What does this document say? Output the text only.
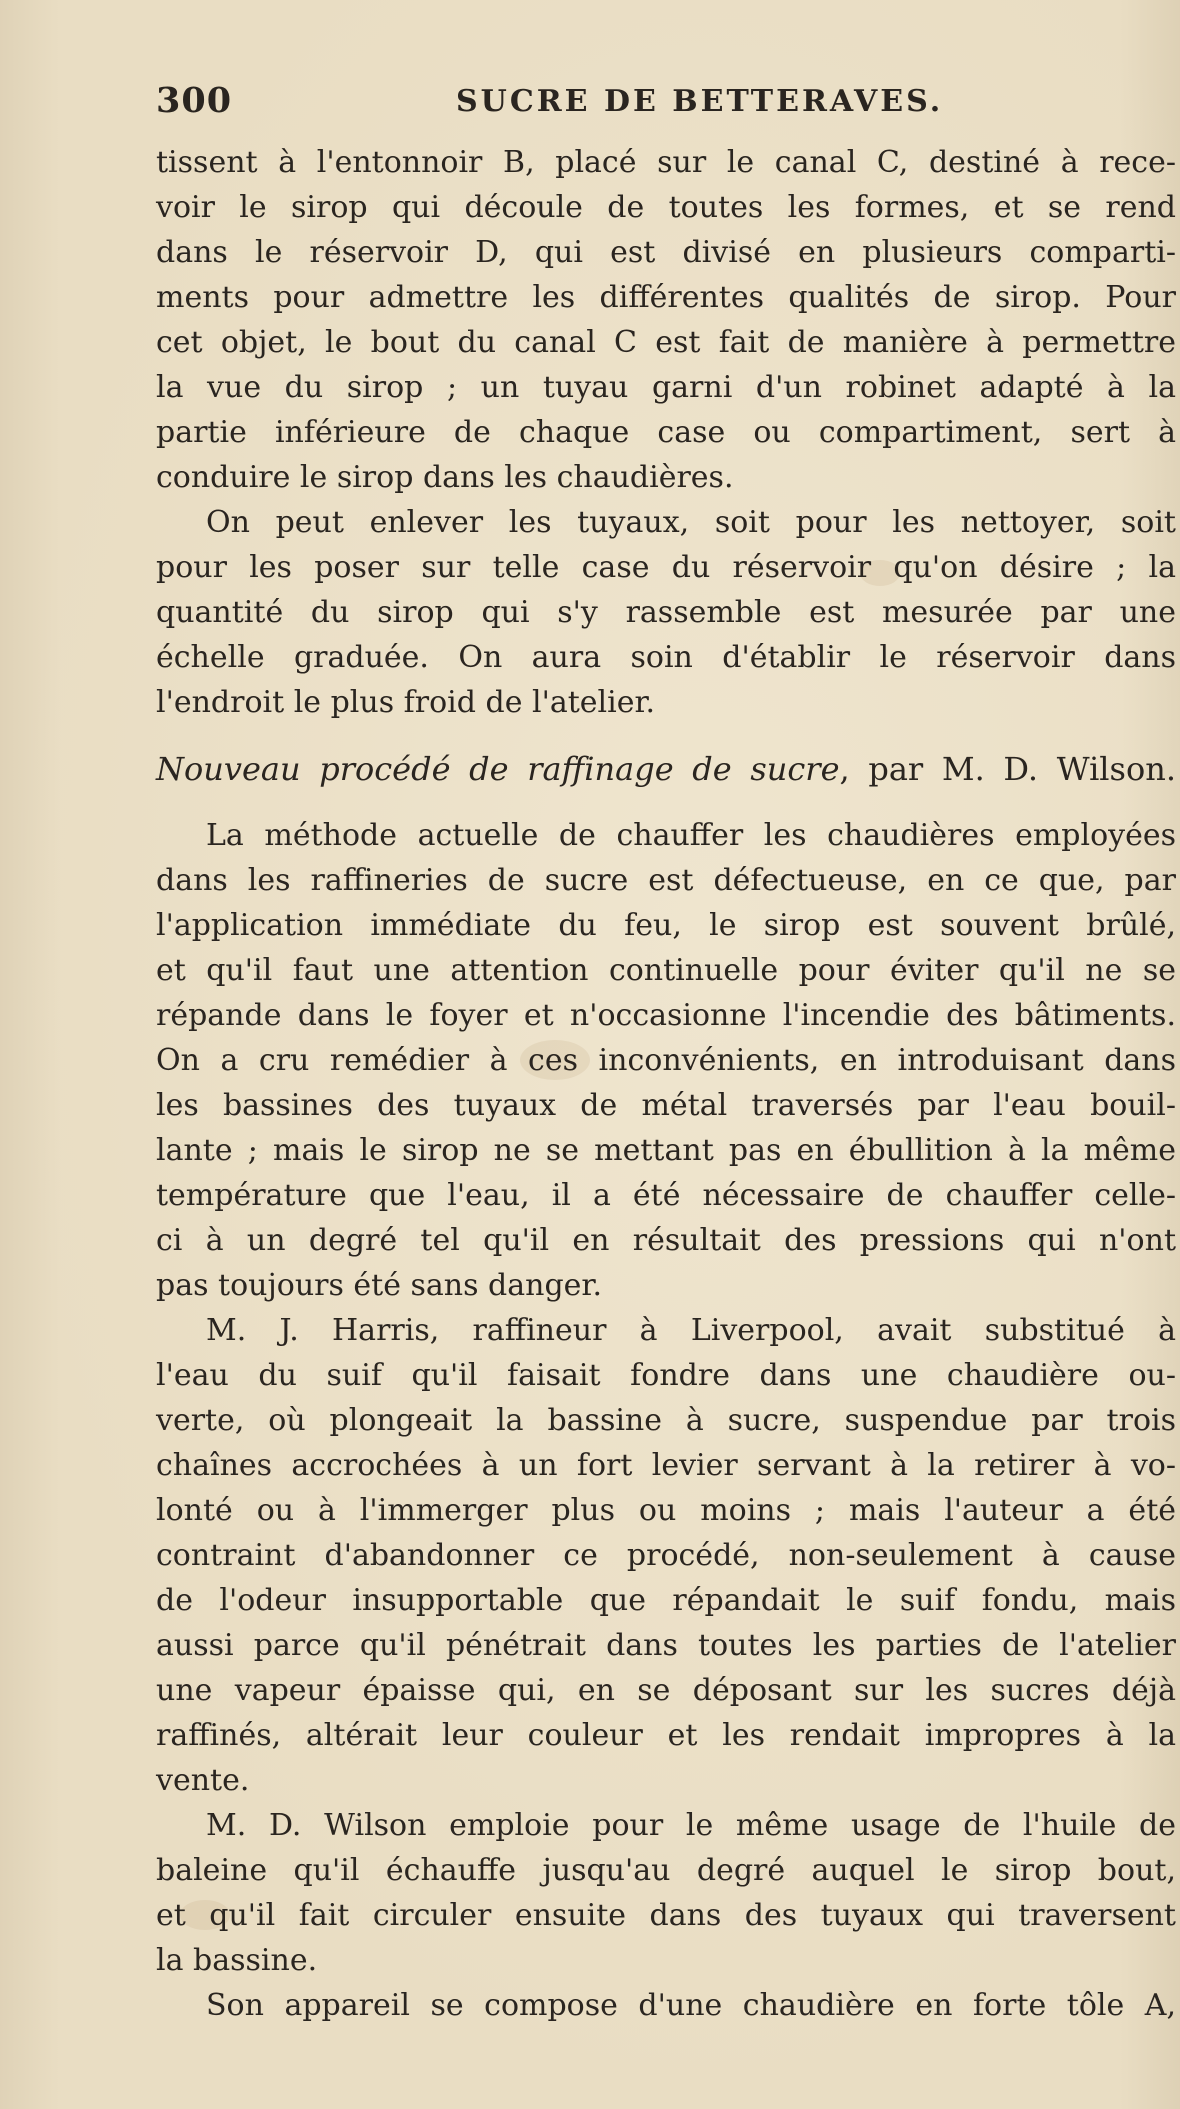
300	SUCRE DE BETTERAVES.
tissent à l'entonnoir B, placé sur le canal C, destiné à rece-
voir le sirop qui découle de toutes les formes, et se rend
dans le réservoir D, qui est divisé en plusieurs comparti-
ments pour admettre les différentes qualités de sirop. Pour
cet objet, le bout du canal C est fait de manière à permettre
la vue du sirop ; un tuyau garni d'un robinet adapté à la
partie inférieure de chaque case ou compartiment, sert à
conduire le sirop dans les chaudières.
On peut enlever les tuyaux, soit pour les nettoyer, soit
pour les poser sur telle case du réservoir qu'on désire ; la
quantité du sirop qui s'y rassemble est mesurée par une
échelle graduée. On aura soin d'établir le réservoir dans
l'endroit le plus froid de l'atelier.
Nouveau procédé de raffinage de sucre, par M. D. Wilson.
La méthode actuelle de chauffer les chaudières employées
dans les raffineries de sucre est défectueuse, en ce que, par
l'application immédiate du feu, le sirop est souvent brûlé,
et qu'il faut une attention continuelle pour éviter qu'il ne se
répande dans le foyer et n'occasionne l'incendie des bâtiments.
On a cru remédier à ces inconvénients, en introduisant dans
les bassines des tuyaux de métal traversés par l'eau bouil-
lante ; mais le sirop ne se mettant pas en ébullition à la même
température que l'eau, il a été nécessaire de chauffer celle-
ci à un degré tel qu'il en résultait des pressions qui n'ont
pas toujours été sans danger.
M. J. Harris, raffineur à Liverpool, avait substitué à
l'eau du suif qu'il faisait fondre dans une chaudière ou-
verte, où plongeait la bassine à sucre, suspendue par trois
chaînes accrochées à un fort levier servant à la retirer à vo-
lonté ou à l'immerger plus ou moins ; mais l'auteur a été
contraint d'abandonner ce procédé, non-seulement à cause
de l'odeur insupportable que répandait le suif fondu, mais
aussi parce qu'il pénétrait dans toutes les parties de l'atelier
une vapeur épaisse qui, en se déposant sur les sucres déjà
raffinés, altérait leur couleur et les rendait impropres à la
vente.
M. D. Wilson emploie pour le même usage de l'huile de
baleine qu'il échauffe jusqu'au degré auquel le sirop bout,
et qu'il fait circuler ensuite dans des tuyaux qui traversent
la bassine.
Son appareil se compose d'une chaudière en forte tôle A,
